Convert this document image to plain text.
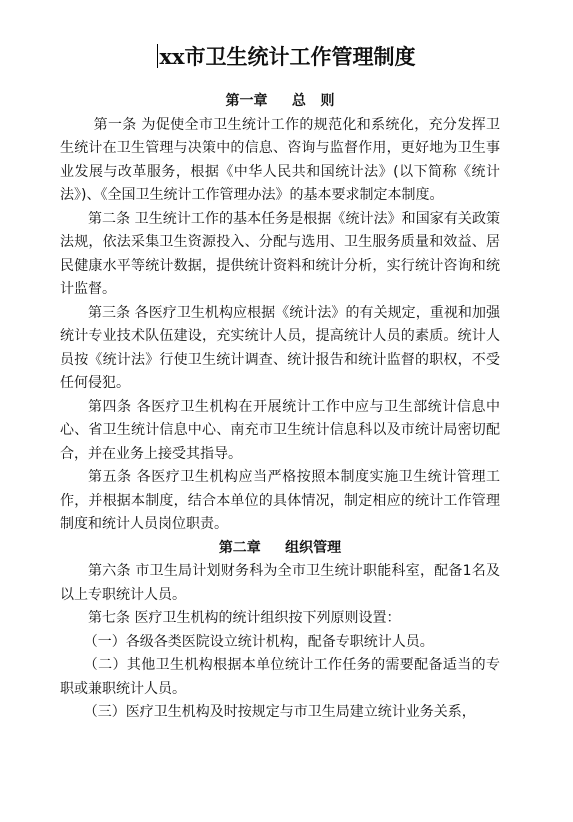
xx市卫生统计工作管理制度

第一章     总   则

第一条 为促使全市卫生统计工作的规范化和系统化，充分发挥卫生统计在卫生管理与决策中的信息、咨询与监督作用，更好地为卫生事业发展与改革服务，根据《中华人民共和国统计法》(以下简称《统计法》)、《全国卫生统计工作管理办法》的基本要求制定本制度。

第二条 卫生统计工作的基本任务是根据《统计法》和国家有关政策法规，依法采集卫生资源投入、分配与选用、卫生服务质量和效益、居民健康水平等统计数据，提供统计资料和统计分析，实行统计咨询和统计监督。

第三条 各医疗卫生机构应根据《统计法》的有关规定，重视和加强统计专业技术队伍建设，充实统计人员，提高统计人员的素质。统计人员按《统计法》行使卫生统计调查、统计报告和统计监督的职权，不受任何侵犯。

第四条 各医疗卫生机构在开展统计工作中应与卫生部统计信息中心、省卫生统计信息中心、南充市卫生统计信息科以及市统计局密切配合，并在业务上接受其指导。

第五条 各医疗卫生机构应当严格按照本制度实施卫生统计管理工作，并根据本制度，结合本单位的具体情况，制定相应的统计工作管理制度和统计人员岗位职责。

第二章     组织管理

第六条 市卫生局计划财务科为全市卫生统计职能科室，配备1名及以上专职统计人员。

第七条 医疗卫生机构的统计组织按下列原则设置：

（一）各级各类医院设立统计机构，配备专职统计人员。

（二）其他卫生机构根据本单位统计工作任务的需要配备适当的专职或兼职统计人员。

（三）医疗卫生机构及时按规定与市卫生局建立统计业务关系，
